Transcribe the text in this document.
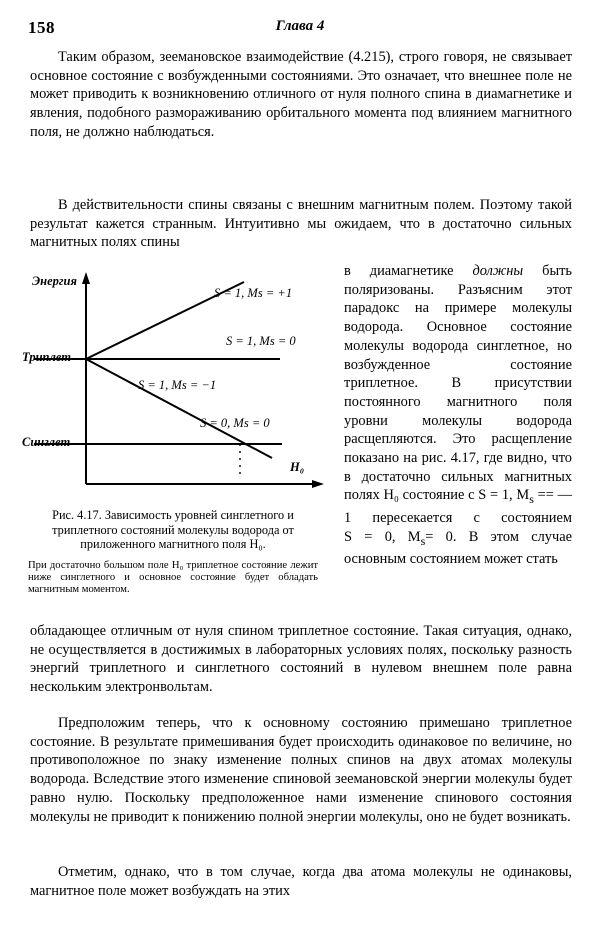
158	Глава 4

Таким образом, зеемановское взаимодействие (4.215), строго говоря, не связывает основное состояние с возбужденными состояниями. Это означает, что внешнее поле не может приводить к возникновению отличного от нуля полного спина в диамагнетике и явления, подобного размораживанию орбитального момента под влиянием магнитного поля, не должно наблюдаться.

В действительности спины связаны с внешним магнитным полем. Поэтому такой результат кажется странным. Интуитивно мы ожидаем, что в достаточно сильных магнитных полях спины

Энергия
H₀
Триплет
Синглет
S = 1, Ms = +1
S = 1, Ms = 0
S = 1, Ms = −1
S = 0, Ms = 0
Рис. 4.17. Зависимость уровней синглетного и триплетного состояний молекулы водорода от приложенного магнитного поля H₀.
При достаточно большом поле H₀ триплетное состояние лежит ниже синглетного и основное состояние будет обладать магнитным моментом.

в диамагнетике должны быть поляризованы. Разъясним этот парадокс на примере молекулы водорода. Основное состояние молекулы водорода синглетное, но возбужденное состояние триплетное. В присутствии постоянного магнитного поля уровни молекулы водорода расщепляются. Это расщепление показано на рис. 4.17, где видно, что в достаточно сильных магнитных полях H₀ состояние с S = 1, $M_s$ == — 1 пересекается с состоянием S = 0, $M_s= 0$. В этом случае основным состоянием может стать

обладающее отличным от нуля спином триплетное состояние. Такая ситуация, однако, не осуществляется в достижимых в лабораторных условиях полях, поскольку разность энергий триплетного и синглетного состояний в нулевом внешнем поле равна нескольким электронвольтам.

Предположим теперь, что к основному состоянию примешано триплетное состояние. В результате примешивания будет происходить одинаковое по величине, но противоположное по знаку изменение полных спинов на двух атомах молекулы водорода. Вследствие этого изменение спиновой зеемановской энергии молекулы будет равно нулю. Поскольку предположенное нами изменение спинового состояния молекулы не приводит к понижению полной энергии молекулы, оно не будет возникать.

Отметим, однако, что в том случае, когда два атома молекулы не одинаковы, магнитное поле может возбуждать на этих
